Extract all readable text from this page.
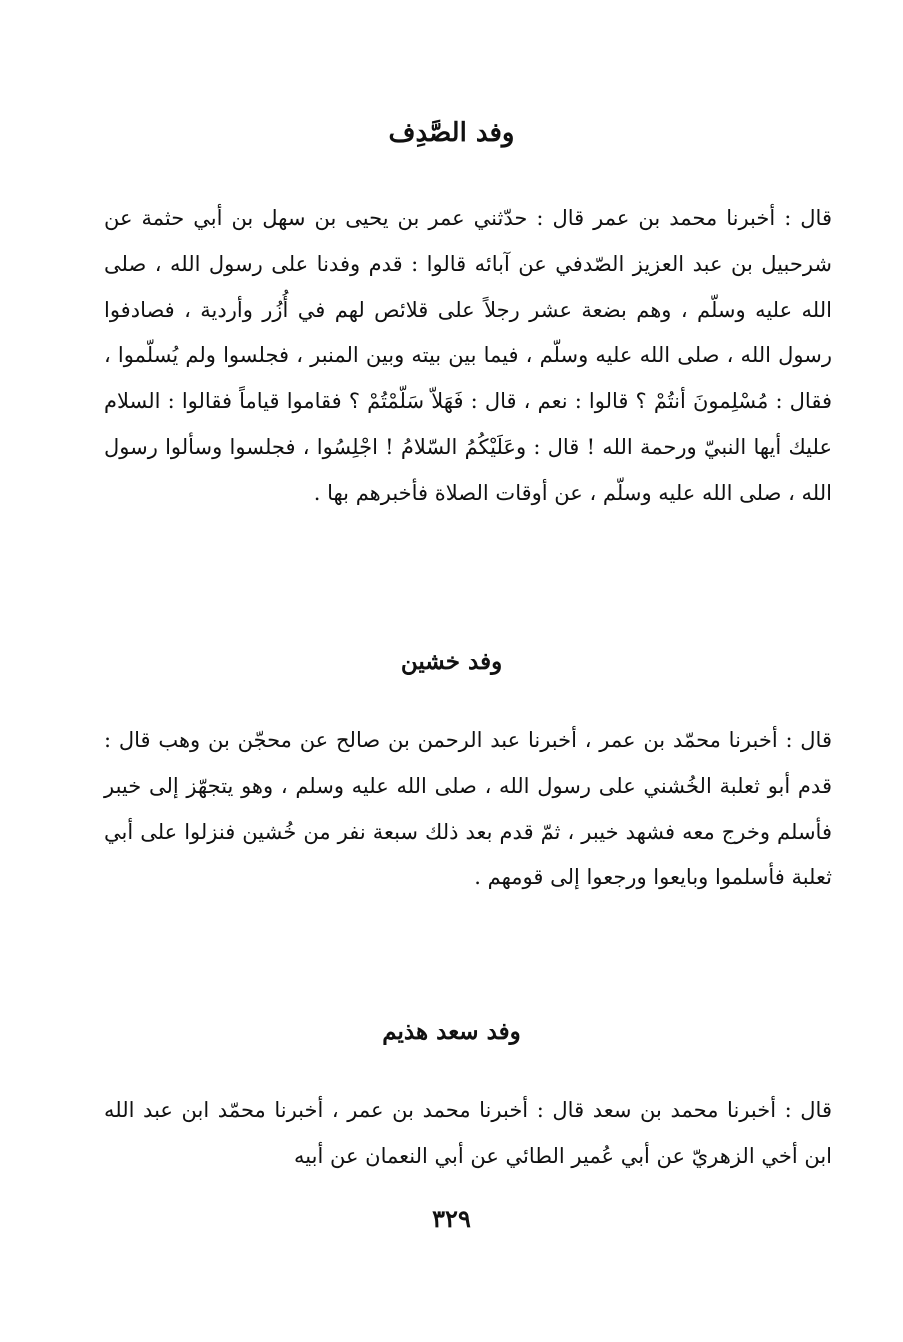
وفد الصَّدِف

قال : أخبرنا محمد بن عمر قال : حدّثني عمر بن يحيى بن سهل بن أبي حثمة عن شرحبيل بن عبد العزيز الصّدفي عن آبائه قالوا : قدم وفدنا على رسول الله ، صلى الله عليه وسلّم ، وهم بضعة عشر رجلاً على قلائص لهم في أُزُر وأردية ، فصادفوا رسول الله ، صلى الله عليه وسلّم ، فيما بين بيته وبين المنبر ، فجلسوا ولم يُسلّموا ، فقال : مُسْلِمونَ أنتُمْ ؟ قالوا : نعم ، قال : فَهَلاّ سَلّمْتُمْ ؟ فقاموا قياماً فقالوا : السلام عليك أيها النبيّ ورحمة الله ! قال : وعَلَيْكُمُ السّلامُ ! اجْلِسُوا ، فجلسوا وسألوا رسول الله ، صلى الله عليه وسلّم ، عن أوقات الصلاة فأخبرهم بها .

وفد خشين

قال : أخبرنا محمّد بن عمر ، أخبرنا عبد الرحمن بن صالح عن محجّن بن وهب قال : قدم أبو ثعلبة الخُشني على رسول الله ، صلى الله عليه وسلم ، وهو يتجهّز إلى خيبر فأسلم وخرج معه فشهد خيبر ، ثمّ قدم بعد ذلك سبعة نفر من خُشين فنزلوا على أبي ثعلبة فأسلموا وبايعوا ورجعوا إلى قومهم .

وفد سعد هذيم

قال : أخبرنا محمد بن سعد قال : أخبرنا محمد بن عمر ، أخبرنا محمّد ابن عبد الله ابن أخي الزهريّ عن أبي عُمير الطائي عن أبي النعمان عن أبيه

٣٢٩
